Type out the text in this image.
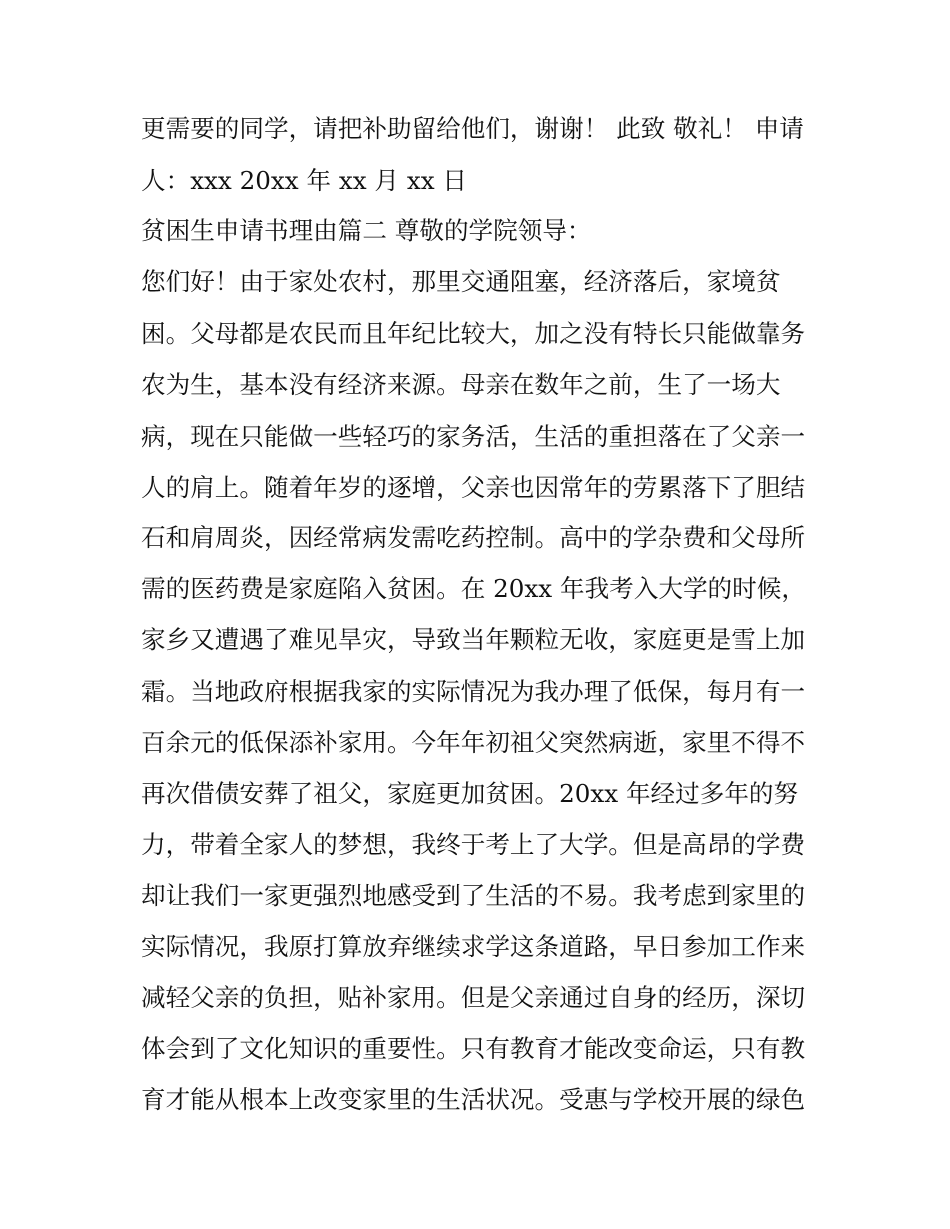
更需要的同学，请把补助留给他们，谢谢！ 此致 敬礼！ 申请
人：xxx 20xx 年 xx 月 xx 日
贫困生申请书理由篇二 尊敬的学院领导：
您们好！由于家处农村，那里交通阻塞，经济落后，家境贫
困。父母都是农民而且年纪比较大，加之没有特长只能做靠务
农为生，基本没有经济来源。母亲在数年之前，生了一场大
病，现在只能做一些轻巧的家务活，生活的重担落在了父亲一
人的肩上。随着年岁的逐增，父亲也因常年的劳累落下了胆结
石和肩周炎，因经常病发需吃药控制。高中的学杂费和父母所
需的医药费是家庭陷入贫困。在 20xx 年我考入大学的时候，
家乡又遭遇了难见旱灾，导致当年颗粒无收，家庭更是雪上加
霜。当地政府根据我家的实际情况为我办理了低保，每月有一
百余元的低保添补家用。今年年初祖父突然病逝，家里不得不
再次借债安葬了祖父，家庭更加贫困。20xx 年经过多年的努
力，带着全家人的梦想，我终于考上了大学。但是高昂的学费
却让我们一家更强烈地感受到了生活的不易。我考虑到家里的
实际情况，我原打算放弃继续求学这条道路，早日参加工作来
减轻父亲的负担，贴补家用。但是父亲通过自身的经历，深切
体会到了文化知识的重要性。只有教育才能改变命运，只有教
育才能从根本上改变家里的生活状况。受惠与学校开展的绿色
